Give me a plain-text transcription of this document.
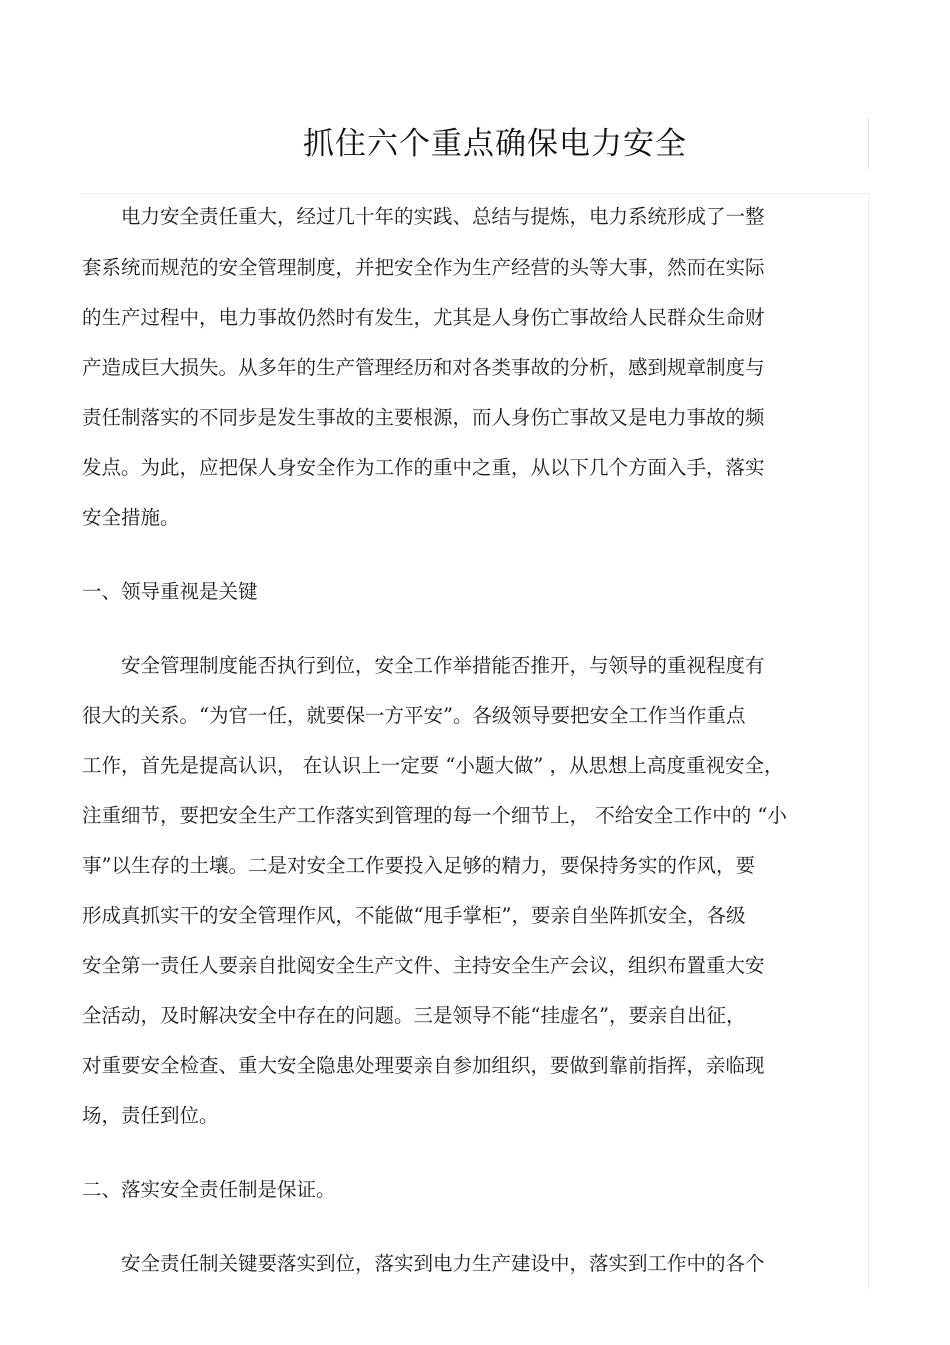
抓住六个重点确保电力安全
电力安全责任重大，经过几十年的实践、总结与提炼，电力系统形成了一整
套系统而规范的安全管理制度，并把安全作为生产经营的头等大事，然而在实际
的生产过程中，电力事故仍然时有发生，尤其是人身伤亡事故给人民群众生命财
产造成巨大损失。从多年的生产管理经历和对各类事故的分析，感到规章制度与
责任制落实的不同步是发生事故的主要根源，而人身伤亡事故又是电力事故的频
发点。为此，应把保人身安全作为工作的重中之重，从以下几个方面入手，落实
安全措施。
一、领导重视是关键
安全管理制度能否执行到位，安全工作举措能否推开，与领导的重视程度有
很大的关系。“为官一任，就要保一方平安”。各级领导要把安全工作当作重点
工作，首先是提高认识， 在认识上一定要 “小题大做” ，从思想上高度重视安全，
注重细节，要把安全生产工作落实到管理的每一个细节上， 不给安全工作中的 “小
事”以生存的土壤。二是对安全工作要投入足够的精力，要保持务实的作风，要
形成真抓实干的安全管理作风，不能做“甩手掌柜”，要亲自坐阵抓安全，各级
安全第一责任人要亲自批阅安全生产文件、主持安全生产会议，组织布置重大安
全活动，及时解决安全中存在的问题。三是领导不能“挂虚名”，要亲自出征，
对重要安全检查、重大安全隐患处理要亲自参加组织，要做到靠前指挥，亲临现
场，责任到位。
二、落实安全责任制是保证。
安全责任制关键要落实到位，落实到电力生产建设中，落实到工作中的各个
